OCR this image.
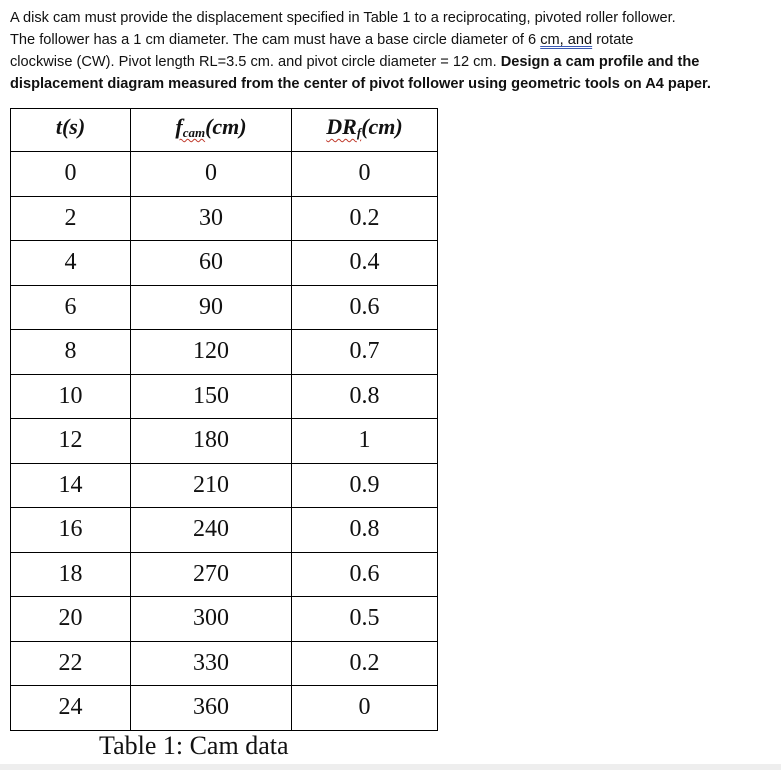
A disk cam must provide the displacement specified in Table 1 to a reciprocating, pivoted roller follower.
The follower has a 1 cm diameter. The cam must have a base circle diameter of 6 cm, and rotate
clockwise (CW). Pivot length RL=3.5 cm. and pivot circle diameter = 12 cm. Design a cam profile and the
displacement diagram measured from the center of pivot follower using geometric tools on A4 paper.
t(s)	$f_{cam}(cm)$	$DR_f(cm)$
0	0	0
2	30	0.2
4	60	0.4
6	90	0.6
8	120	0.7
10	150	0.8
12	180	1
14	210	0.9
16	240	0.8
18	270	0.6
20	300	0.5
22	330	0.2
24	360	0
Table 1: Cam data
